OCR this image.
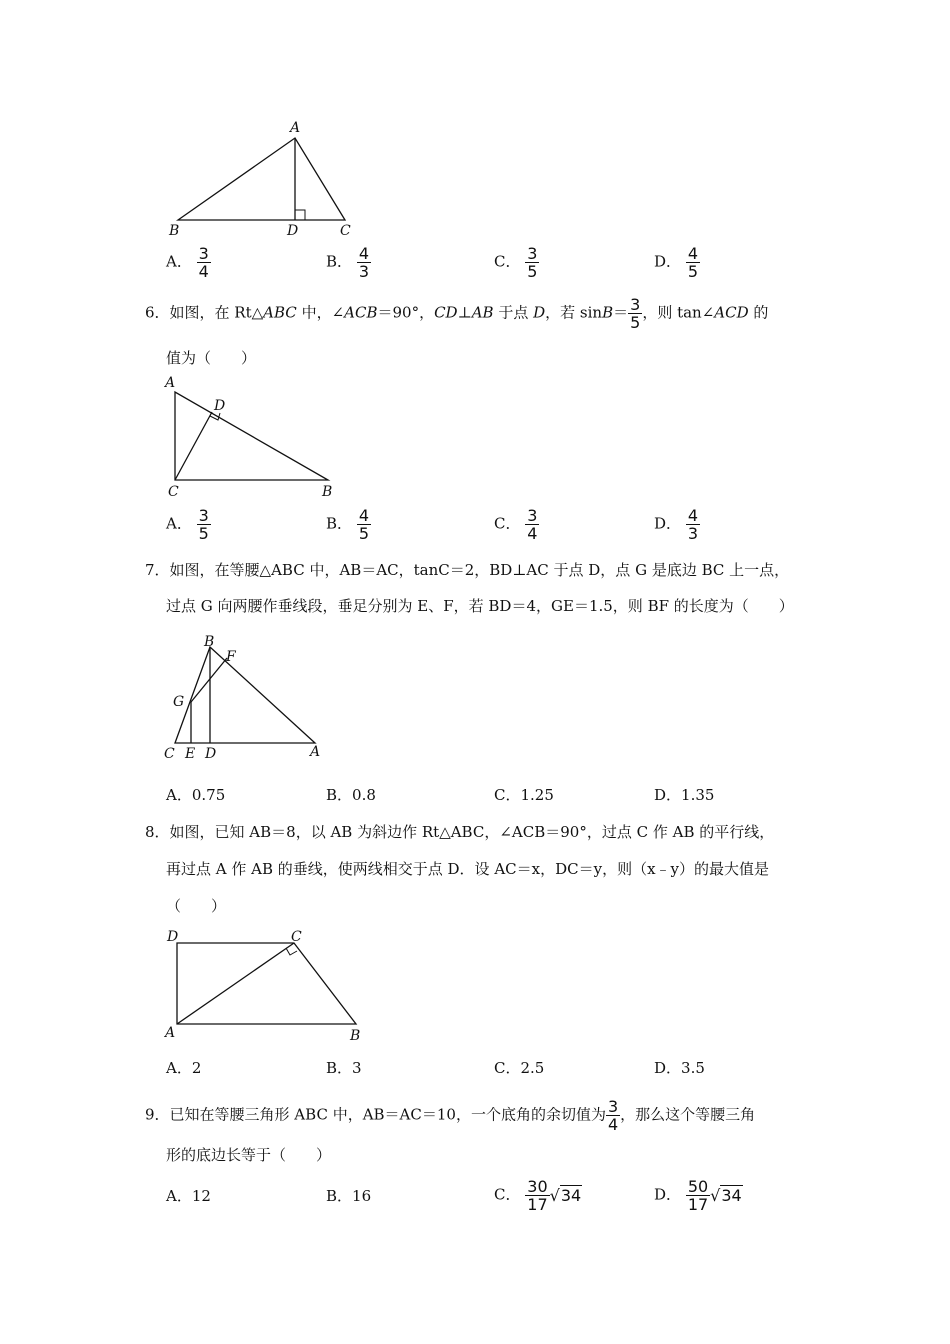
A
B	D	C
A． $\frac{3}{4}$	B． $\frac{4}{3}$	C． $\frac{3}{5}$	D． $\frac{4}{5}$
6．如图，在 Rt△ABC 中，∠ACB＝90°，CD⊥AB 于点 D，若 $\sin B= \frac{3}{5}$ ，则 tan∠ACD 的
值为（　　）
A
D
C	B
A． $\frac{3}{5}$	B． $\frac{4}{5}$	C． $\frac{3}{4}$	D． $\frac{4}{3}$
7．如图，在等腰△ABC 中，AB＝AC，tanC＝2，BD⊥AC 于点 D，点 G 是底边 BC 上一点，
过点 G 向两腰作垂线段，垂足分别为 E、F，若 BD＝4，GE＝1.5，则 BF 的长度为（　　）
B
F
G
C E D	A
A．0.75	B．0.8	C．1.25	D．1.35
8．如图，已知 AB＝8，以 AB 为斜边作 Rt△ABC，∠ACB＝90°，过点 C 作 AB 的平行线，
再过点 A 作 AB 的垂线，使两线相交于点 D．设 AC＝x，DC＝y，则（x﹣y）的最大值是
（　　）
D	C
A	B
A．2	B．3	C．2.5	D．3.5
9．已知在等腰三角形 ABC 中，AB＝AC＝10，一个底角的余切值为 $\frac{3}{4}$ ，那么这个等腰三角
形的底边长等于（　　）
A．12	B．16	C． $\frac{30}{17} √34$	D． $\frac{50}{17} √34$
